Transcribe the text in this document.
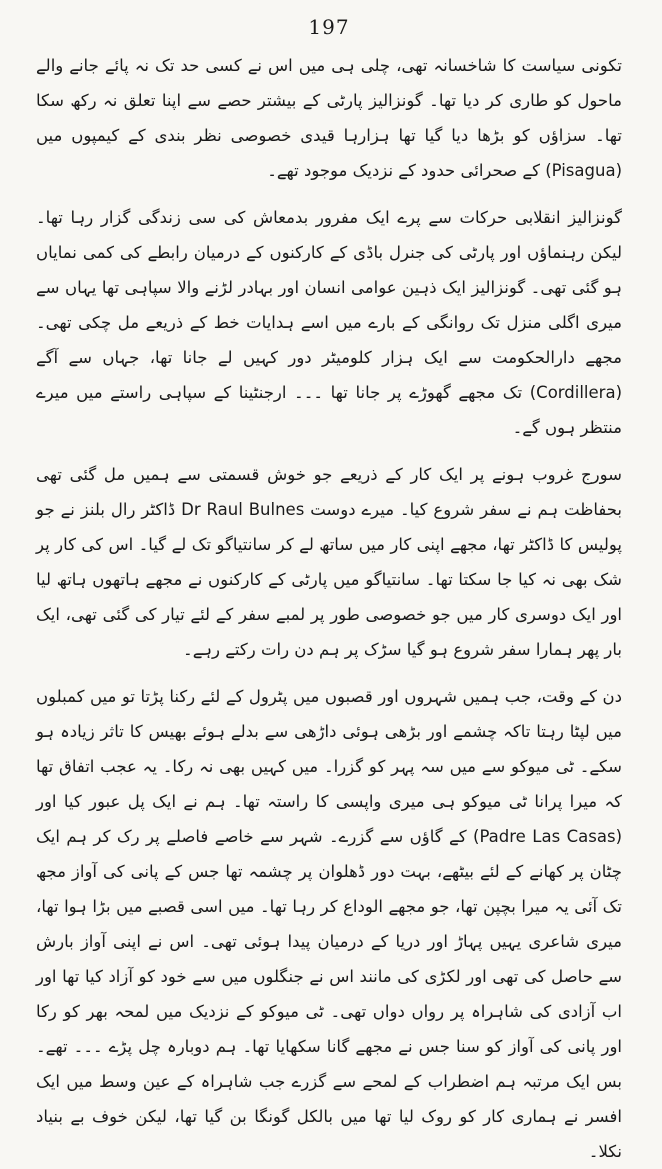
197

تکونی سیاست کا شاخسانہ تھی، چلی ہی میں اس نے کسی حد تک نہ پائے جانے والے ماحول کو طاری کر دیا تھا۔ گونزالیز پارٹی کے بیشتر حصے سے اپنا تعلق نہ رکھ سکا تھا۔ سزاؤں کو بڑھا دیا گیا تھا ہزارہا قیدی خصوصی نظر بندی کے کیمپوں میں (Pisagua) کے صحرائی حدود کے نزدیک موجود تھے۔

گونزالیز انقلابی حرکات سے پرے ایک مفرور بدمعاش کی سی زندگی گزار رہا تھا۔ لیکن رہنماؤں اور پارٹی کی جنرل باڈی کے کارکنوں کے درمیان رابطے کی کمی نمایاں ہو گئی تھی۔ گونزالیز ایک ذہین عوامی انسان اور بہادر لڑنے والا سپاہی تھا یہاں سے میری اگلی منزل تک روانگی کے بارے میں اسے ہدایات خط کے ذریعے مل چکی تھی۔ مجھے دارالحکومت سے ایک ہزار کلومیٹر دور کہیں لے جانا تھا، جہاں سے آگے (Cordillera) تک مجھے گھوڑے پر جانا تھا ۔۔۔ ارجنٹینا کے سپاہی راستے میں میرے منتظر ہوں گے۔

سورج غروب ہونے پر ایک کار کے ذریعے جو خوش قسمتی سے ہمیں مل گئی تھی بحفاظت ہم نے سفر شروع کیا۔ میرے دوست Dr Raul Bulnes ڈاکٹر رال بلنز نے جو پولیس کا ڈاکٹر تھا، مجھے اپنی کار میں ساتھ لے کر سانتیاگو تک لے گیا۔ اس کی کار پر شک بھی نہ کیا جا سکتا تھا۔ سانتیاگو میں پارٹی کے کارکنوں نے مجھے ہاتھوں ہاتھ لیا اور ایک دوسری کار میں جو خصوصی طور پر لمبے سفر کے لئے تیار کی گئی تھی، ایک بار پھر ہمارا سفر شروع ہو گیا سڑک پر ہم دن رات رکتے رہے۔

دن کے وقت، جب ہمیں شہروں اور قصبوں میں پٹرول کے لئے رکنا پڑتا تو میں کمبلوں میں لپٹا رہتا تاکہ چشمے اور بڑھی ہوئی داڑھی سے بدلے ہوئے بھیس کا تاثر زیادہ ہو سکے۔ ٹی میوکو سے میں سہ پہر کو گزرا۔ میں کہیں بھی نہ رکا۔ یہ عجب اتفاق تھا کہ میرا پرانا ٹی میوکو ہی میری واپسی کا راستہ تھا۔ ہم نے ایک پل عبور کیا اور (Padre Las Casas) کے گاؤں سے گزرے۔ شہر سے خاصے فاصلے پر رک کر ہم ایک چٹان پر کھانے کے لئے بیٹھے، بہت دور ڈھلوان پر چشمہ تھا جس کے پانی کی آواز مجھ تک آئی یہ میرا بچپن تھا، جو مجھے الوداع کر رہا تھا۔ میں اسی قصبے میں بڑا ہوا تھا، میری شاعری یہیں پہاڑ اور دریا کے درمیان پیدا ہوئی تھی۔ اس نے اپنی آواز بارش سے حاصل کی تھی اور لکڑی کی مانند اس نے جنگلوں میں سے خود کو آزاد کیا تھا اور اب آزادی کی شاہراہ پر رواں دواں تھی۔ ٹی میوکو کے نزدیک میں لمحہ بھر کو رکا اور پانی کی آواز کو سنا جس نے مجھے گانا سکھایا تھا۔ ہم دوبارہ چل پڑے ۔۔۔ تھے۔ بس ایک مرتبہ ہم اضطراب کے لمحے سے گزرے جب شاہراہ کے عین وسط میں ایک افسر نے ہماری کار کو روک لیا تھا میں بالکل گونگا بن گیا تھا، لیکن خوف بے بنیاد نکلا۔
